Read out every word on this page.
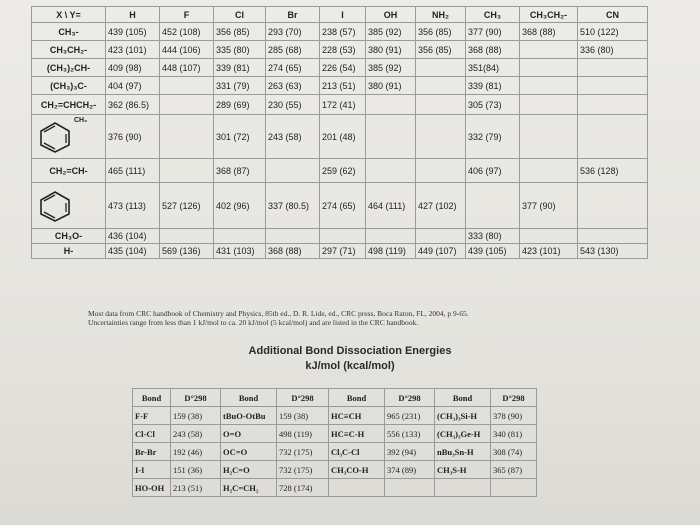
X \ Y=	H	F	Cl	Br	I	OH	NH₂	CH₃	CH₃CH₂-	CN
CH₃-	439 (105)	452 (108)	356 (85)	293 (70)	238 (57)	385 (92)	356 (85)	377 (90)	368 (88)	510 (122)
CH₃CH₂-	423 (101)	444 (106)	335 (80)	285 (68)	228 (53)	380 (91)	356 (85)	368 (88)		336 (80)
(CH₃)₂CH-	409 (98)	448 (107)	339 (81)	274 (65)	226 (54)	385 (92)		351(84)		
(CH₃)₃C-	404 (97)		331 (79)	263 (63)	213 (51)	380 (91)		339 (81)		
CH₂=CHCH₂-	362 (86.5)		289 (69)	230 (55)	172 (41)			305 (73)		

CH₂	376 (90)		301 (72)	243 (58)	201 (48)			332 (79)		
CH₂=CH-	465 (111)		368 (87)		259 (62)			406 (97)		536 (128)

	473 (113)	527 (126)	402 (96)	337 (80.5)	274 (65)	464 (111)	427 (102)		377 (90)	
CH₃O-	436 (104)							333 (80)		
H-	435 (104)	569 (136)	431 (103)	368 (88)	297 (71)	498 (119)	449 (107)	439 (105)	423 (101)	543 (130)
Most data from CRC handbook of Chemistry and Physics, 85th ed., D. R. Lide, ed., CRC press, Boca Raton, FL, 2004, p 9-65.
Uncertainties range from less than 1 kJ/mol to ca. 20 kJ/mol (5 kcal/mol) and are listed in the CRC handbook.
Additional Bond Dissociation Energies
kJ/mol (kcal/mol)
Bond	D°298	Bond	D°298	Bond	D°298	Bond	D°298
F-F	159 (38)	tBuO-OtBu	159 (38)	HC≡CH	965 (231)	(CH₃)₃Si-H	378 (90)
Cl-Cl	243 (58)	O=O	498 (119)	HC≡C-H	556 (133)	(CH₃)₃Ge-H	340 (81)
Br-Br	192 (46)	OC=O	732 (175)	Cl₃C-Cl	392 (94)	nBu₃Sn-H	308 (74)
I-I	151 (36)	H₂C=O	732 (175)	CH₃CO-H	374 (89)	CH₃S-H	365 (87)
HO-OH	213 (51)	H₂C=CH₂	728 (174)				
